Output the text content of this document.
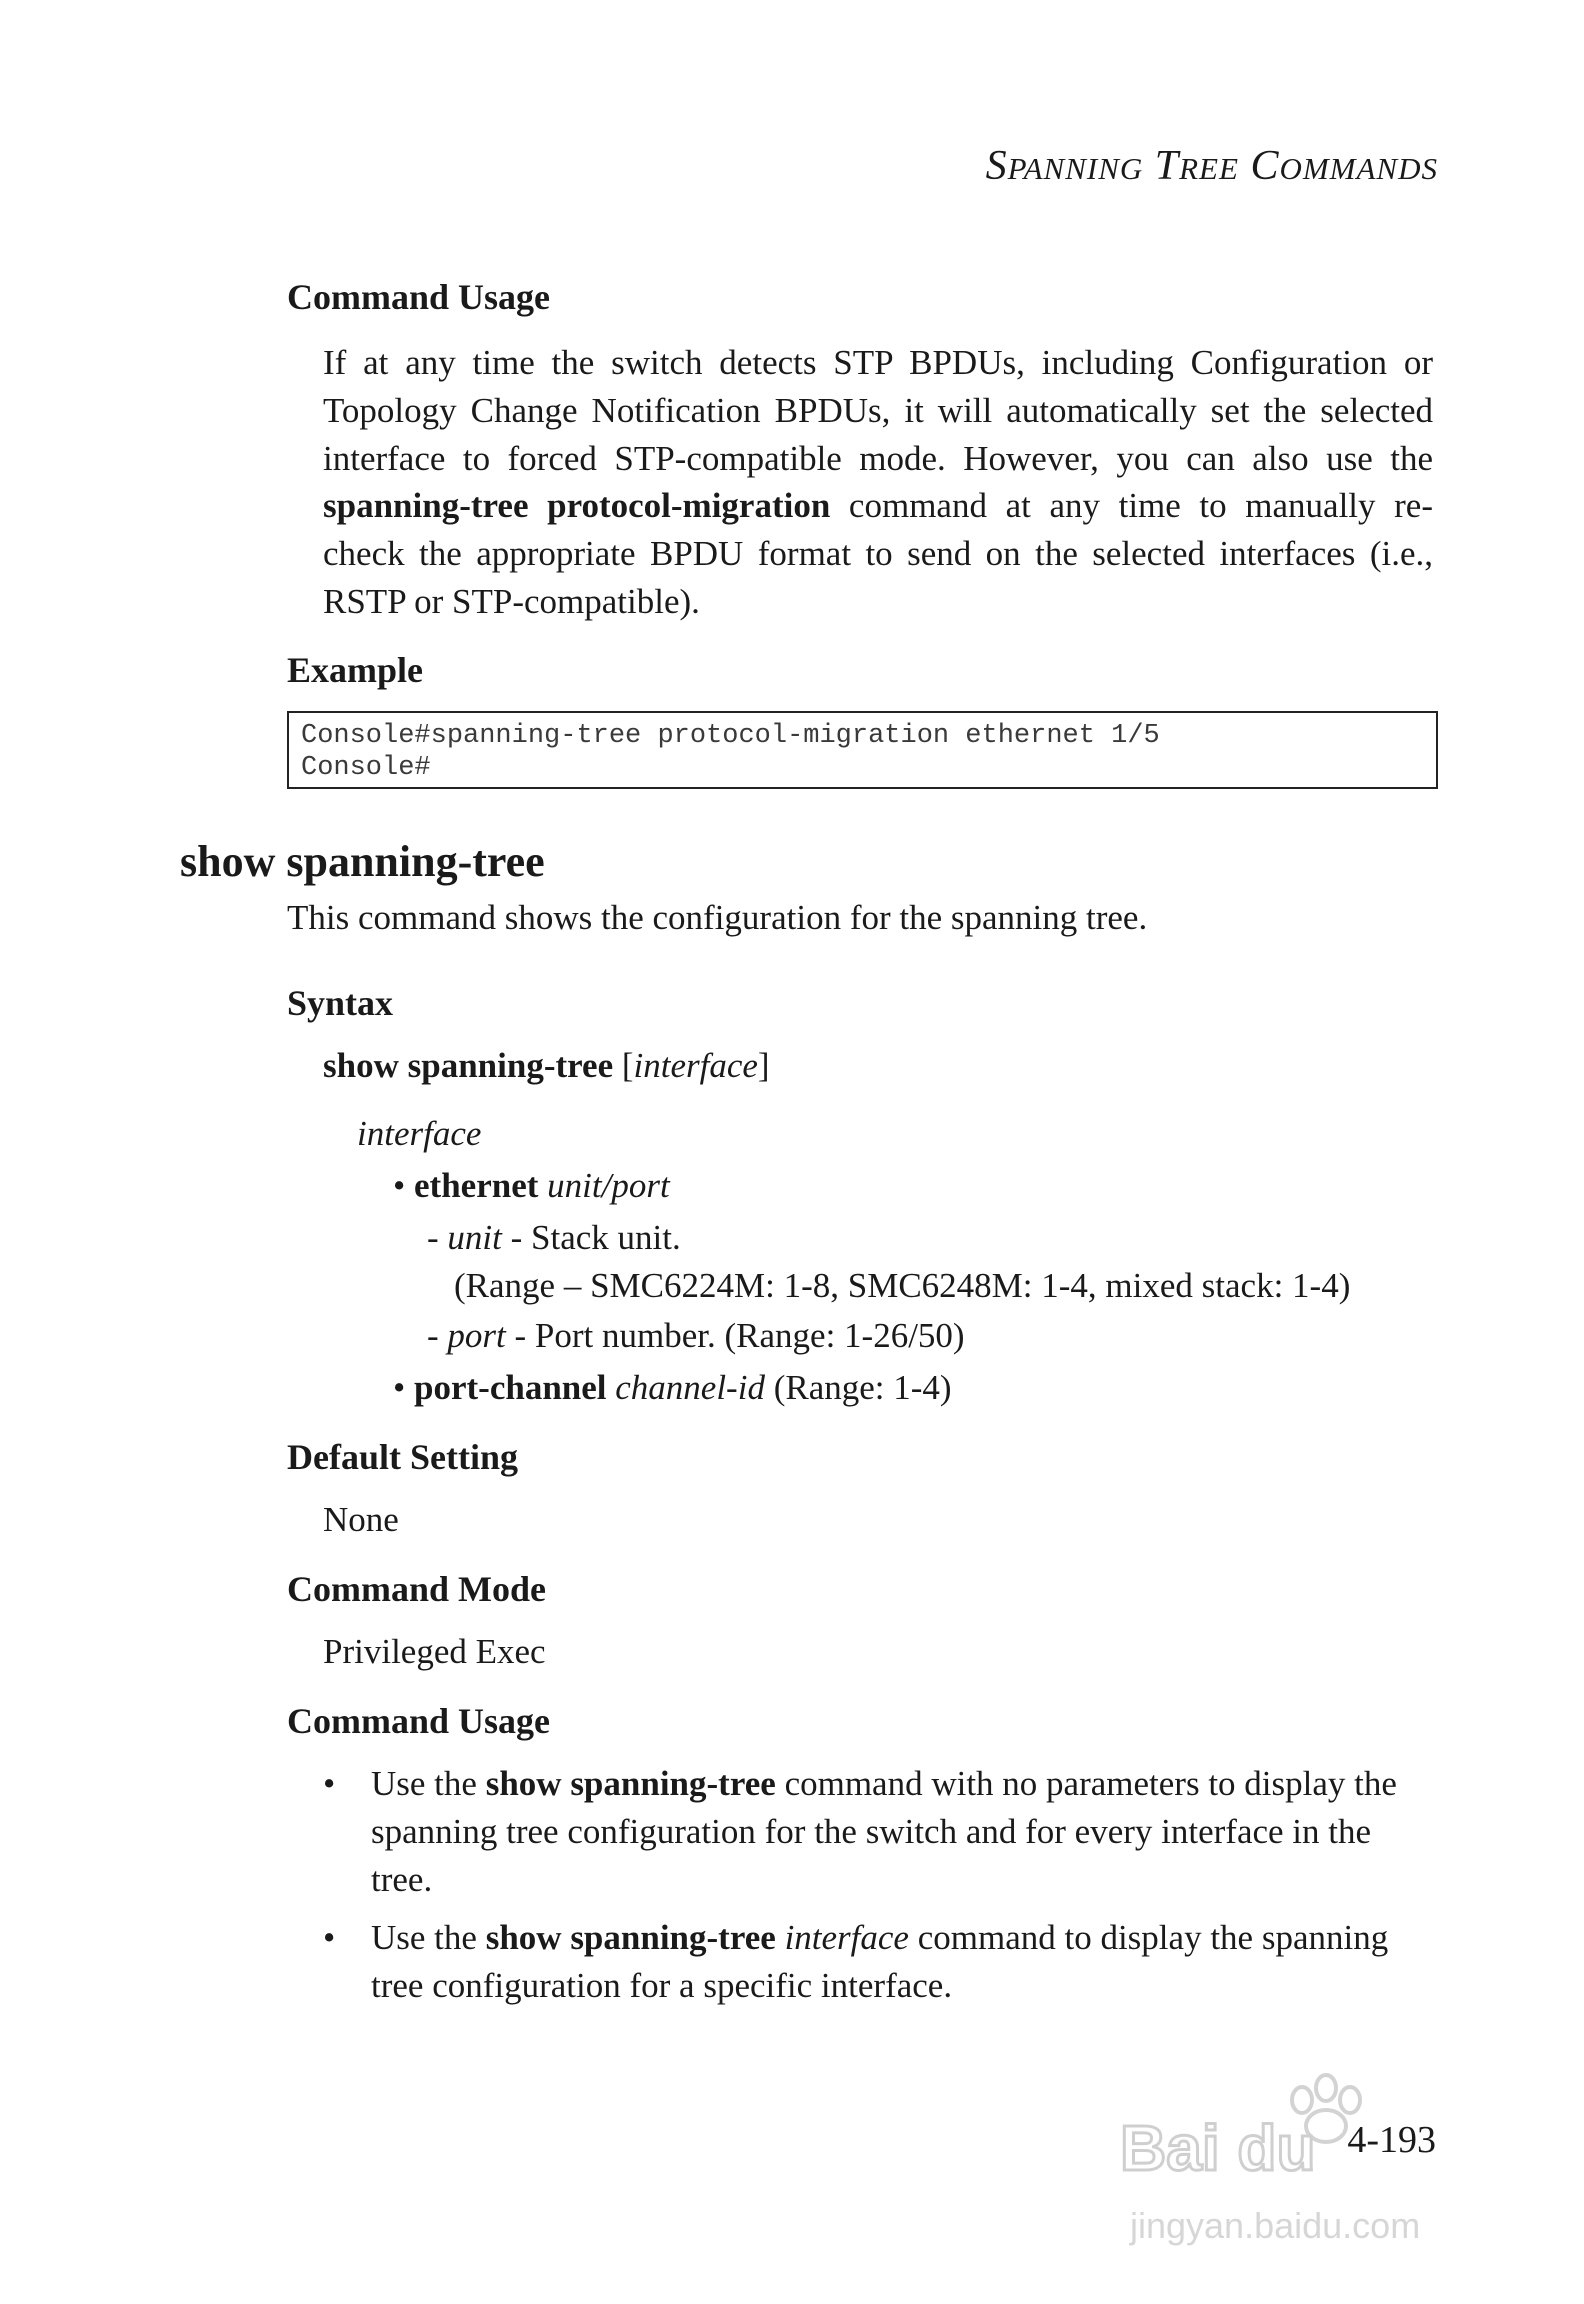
SPANNING TREE COMMANDS
Command Usage
If at any time the switch detects STP BPDUs, including Configuration or Topology Change Notification BPDUs, it will automatically set the selected interface to forced STP-compatible mode. However, you can also use the spanning-tree protocol-migration command at any time to manually re-check the appropriate BPDU format to send on the selected interfaces (i.e., RSTP or STP-compatible).
Example
Console#spanning-tree protocol-migration ethernet 1/5
Console#
show spanning-tree
This command shows the configuration for the spanning tree.
Syntax
show spanning-tree [interface]
interface
• ethernet unit/port
- unit - Stack unit.
(Range – SMC6224M: 1-8, SMC6248M: 1-4, mixed stack: 1-4)
- port - Port number. (Range: 1-26/50)
• port-channel channel-id (Range: 1-4)
Default Setting
None
Command Mode
Privileged Exec
Command Usage
• Use the show spanning-tree command with no parameters to display the spanning tree configuration for the switch and for every interface in the tree.
• Use the show spanning-tree interface command to display the spanning tree configuration for a specific interface.
4-193
Bai du
jingyan.baidu.com
